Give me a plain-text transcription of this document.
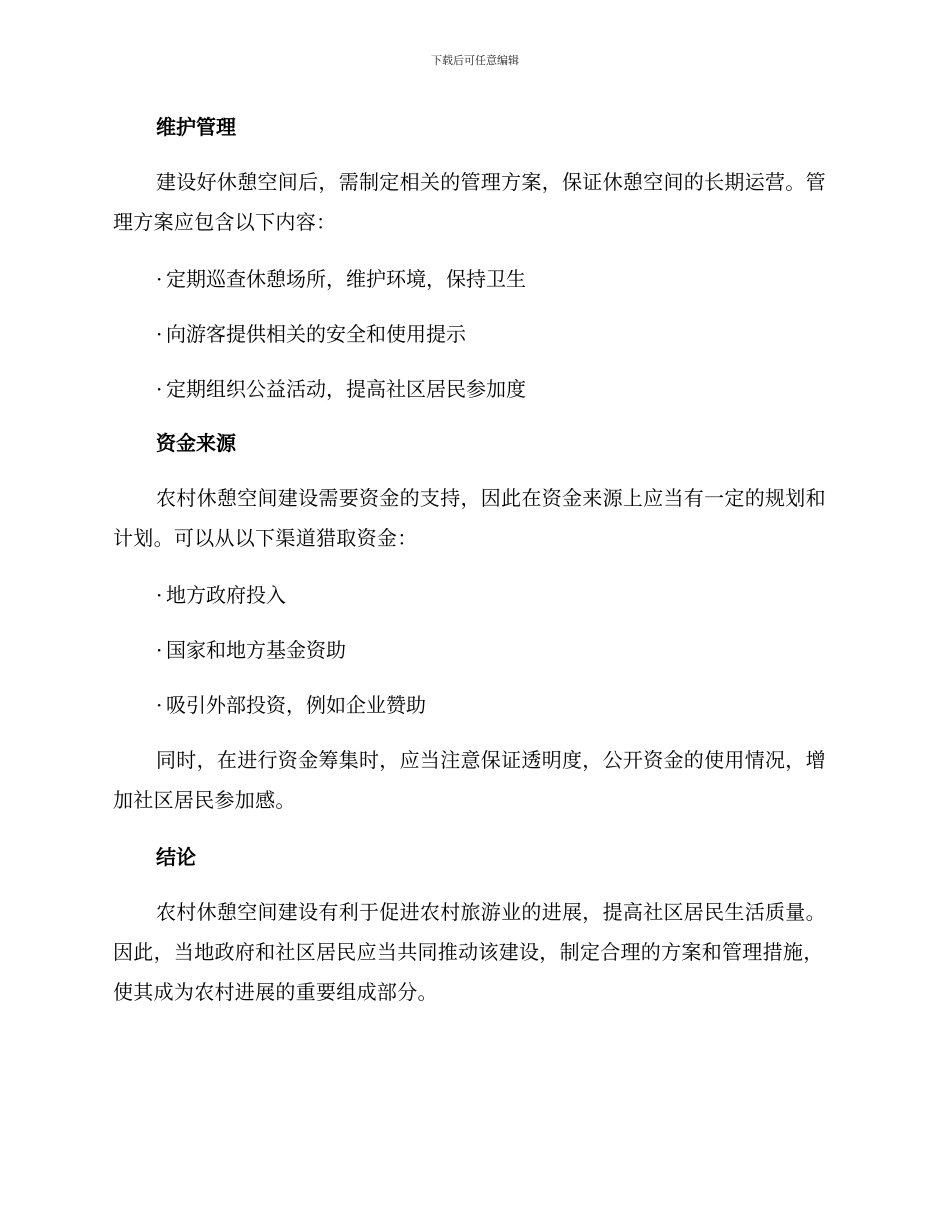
下载后可任意编辑
维护管理

建设好休憩空间后，需制定相关的管理方案，保证休憩空间的长期运营。管理方案应包含以下内容：

· 定期巡查休憩场所，维护环境，保持卫生

· 向游客提供相关的安全和使用提示

· 定期组织公益活动，提高社区居民参加度

资金来源

农村休憩空间建设需要资金的支持，因此在资金来源上应当有一定的规划和计划。可以从以下渠道猎取资金：

· 地方政府投入

· 国家和地方基金资助

· 吸引外部投资，例如企业赞助

同时，在进行资金筹集时，应当注意保证透明度，公开资金的使用情况，增加社区居民参加感。

结论

农村休憩空间建设有利于促进农村旅游业的进展，提高社区居民生活质量。因此，当地政府和社区居民应当共同推动该建设，制定合理的方案和管理措施，使其成为农村进展的重要组成部分。
